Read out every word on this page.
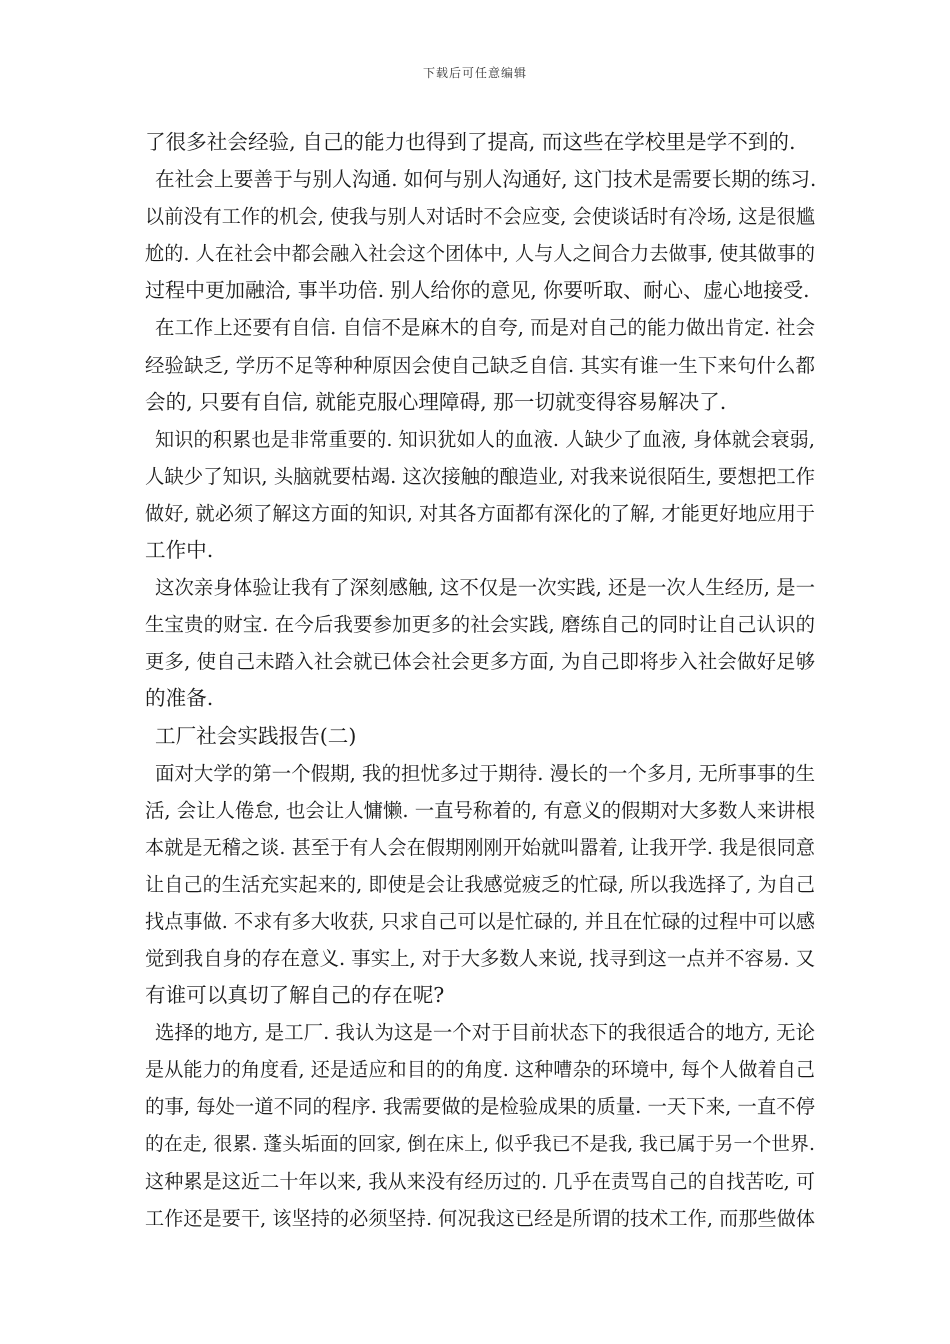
下载后可任意编辑
了很多社会经验, 自己的能力也得到了提高, 而这些在学校里是学不到的.
在社会上要善于与别人沟通. 如何与别人沟通好, 这门技术是需要长期的练习.
以前没有工作的机会, 使我与别人对话时不会应变, 会使谈话时有冷场, 这是很尴
尬的. 人在社会中都会融入社会这个团体中, 人与人之间合力去做事, 使其做事的
过程中更加融洽, 事半功倍. 别人给你的意见, 你要听取、耐心、虚心地接受.
在工作上还要有自信. 自信不是麻木的自夸, 而是对自己的能力做出肯定. 社会
经验缺乏, 学历不足等种种原因会使自己缺乏自信. 其实有谁一生下来句什么都
会的, 只要有自信, 就能克服心理障碍, 那一切就变得容易解决了.
知识的积累也是非常重要的. 知识犹如人的血液. 人缺少了血液, 身体就会衰弱,
人缺少了知识, 头脑就要枯竭. 这次接触的酿造业, 对我来说很陌生, 要想把工作
做好, 就必须了解这方面的知识, 对其各方面都有深化的了解, 才能更好地应用于
工作中.
这次亲身体验让我有了深刻感触, 这不仅是一次实践, 还是一次人生经历, 是一
生宝贵的财宝. 在今后我要参加更多的社会实践, 磨练自己的同时让自己认识的
更多, 使自己未踏入社会就已体会社会更多方面, 为自己即将步入社会做好足够
的准备.
工厂社会实践报告(二)
面对大学的第一个假期, 我的担忧多过于期待. 漫长的一个多月, 无所事事的生
活, 会让人倦怠, 也会让人慵懒. 一直号称着的, 有意义的假期对大多数人来讲根
本就是无稽之谈. 甚至于有人会在假期刚刚开始就叫嚣着, 让我开学. 我是很同意
让自己的生活充实起来的, 即使是会让我感觉疲乏的忙碌, 所以我选择了, 为自己
找点事做. 不求有多大收获, 只求自己可以是忙碌的, 并且在忙碌的过程中可以感
觉到我自身的存在意义. 事实上, 对于大多数人来说, 找寻到这一点并不容易. 又
有谁可以真切了解自己的存在呢?
选择的地方, 是工厂. 我认为这是一个对于目前状态下的我很适合的地方, 无论
是从能力的角度看, 还是适应和目的的角度. 这种嘈杂的环境中, 每个人做着自己
的事, 每处一道不同的程序. 我需要做的是检验成果的质量. 一天下来, 一直不停
的在走, 很累. 蓬头垢面的回家, 倒在床上, 似乎我已不是我, 我已属于另一个世界.
这种累是这近二十年以来, 我从来没有经历过的. 几乎在责骂自己的自找苦吃, 可
工作还是要干, 该坚持的必须坚持. 何况我这已经是所谓的技术工作, 而那些做体
